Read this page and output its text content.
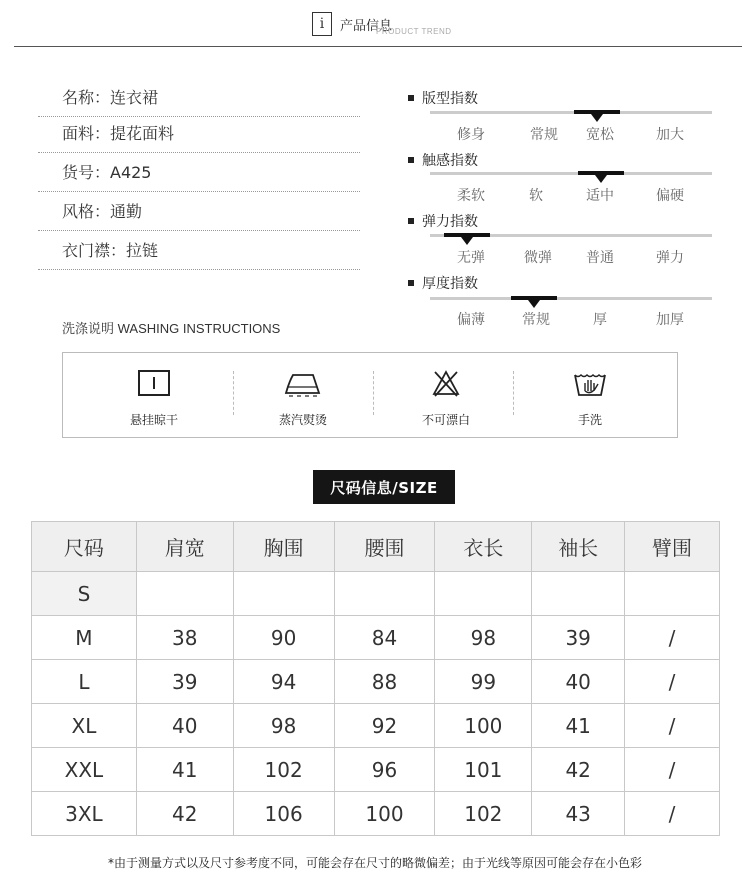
i	产品信息
PRODUCT TREND
名称：连衣裙
面料：提花面料
货号：A425
风格：通勤
衣门襟：拉链
版型指数
修身	常规	宽松	加大
触感指数
柔软	软	适中	偏硬
弹力指数
无弹	微弹	普通	弹力
厚度指数
偏薄	常规	厚	加厚
洗涤说明 WASHING INSTRUCTIONS
悬挂晾干	蒸汽熨烫	不可漂白	手洗
尺码信息/SIZE
尺码	肩宽	胸围	腰围	衣长	袖长	臂围
S						
M	38	90	84	98	39	/
L	39	94	88	99	40	/
XL	40	98	92	100	41	/
XXL	41	102	96	101	42	/
3XL	42	106	100	102	43	/
*由于测量方式以及尺寸参考度不同，可能会存在尺寸的略微偏差；由于光线等原因可能会存在小色彩
